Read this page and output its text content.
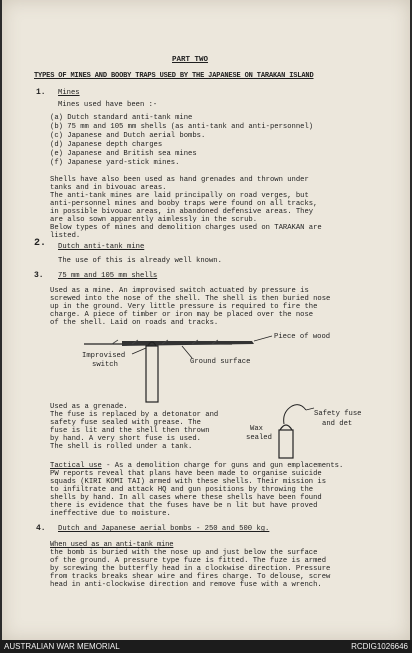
PART TWO
TYPES OF MINES AND BOOBY TRAPS USED BY THE JAPANESE ON TARAKAN ISLAND
1. Mines
Mines used have been :-
(a) Dutch standard anti-tank mine
(b) 75 mm and 105 mm shells (as anti-tank and anti-personnel)
(c) Japanese and Dutch aerial bombs.
(d) Japanese depth charges
(e) Japanese and British sea mines
(f) Japanese yard-stick mines.
Shells have also been used as hand grenades and thrown under
tanks and in bivouac areas.
The anti-tank mines are laid principally on road verges, but
anti-personnel mines and booby traps were found on all tracks,
in possible bivouac areas, in abandoned defensive areas. They
are also sown apparently aimlessly in the scrub.
Below types of mines and demolition charges used on TARAKAN are
listed.
2. Dutch anti-tank mine
The use of this is already well known.
3. 75 mm and 105 mm shells
Used as a mine. An improvised switch actuated by pressure is
screwed into the nose of the shell. The shell is then buried nose
up in the ground. Very little pressure is required to fire the
charge. A piece of timber or iron may be placed over the nose
of the shell. Laid on roads and tracks.
Piece of wood
Improvised
switch	Ground surface
Used as a grenade.
The fuse is replaced by a detonator and
safety fuse sealed with grease. The
fuse is lit and the shell then thrown
by hand. A very short fuse is used.
The shell is rolled under a tank.
Safety fuse
and det
Wax
sealed
Tactical use - As a demolition charge for guns and gun emplacements.
PW reports reveal that plans have been made to organise suicide
squads (KIRI KOMI TAI) armed with these shells. Their mission is
to infiltrate and attack HQ and gun positions by throwing the
shells by hand. In all cases where these shells have been found
there is evidence that the fuses have be n lit but have proved
ineffective due to moisture.
4. Dutch and Japanese aerial bombs - 250 and 500 kg.
When used as an anti-tank mine
the bomb is buried with the nose up and just below the surface
of the ground. A pressure type fuze is fitted. The fuze is armed
by screwing the butterfly head in a clockwise direction. Pressure
from tracks breaks shear wire and fires charge. To delouse, screw
head in anti-clockwise direction and remove fuse with a wrench.
AUSTRALIAN WAR MEMORIAL	RCDIG1026646
